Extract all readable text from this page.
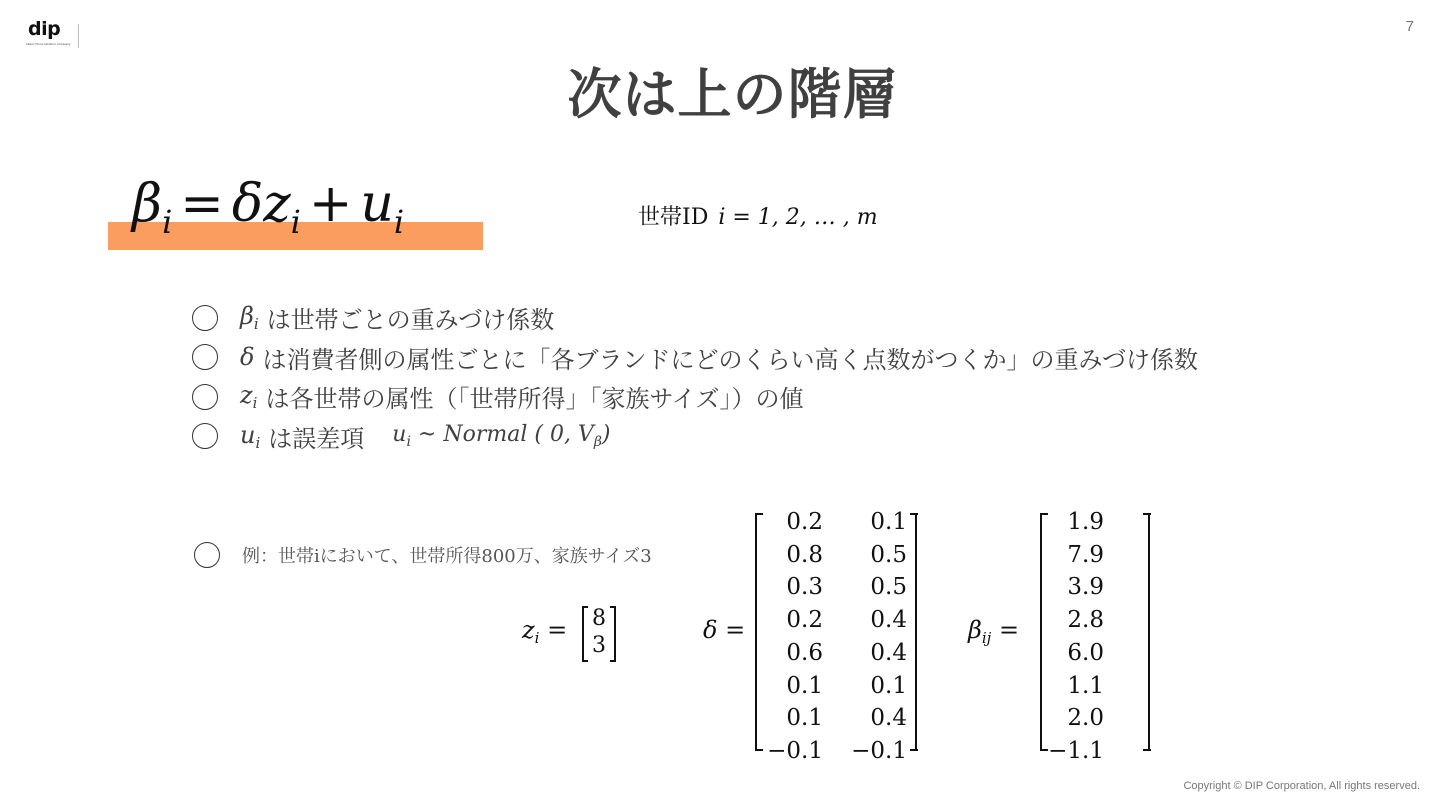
dip
Labor force solution company
7
次は上の階層
$\beta_i = \delta z_i + u_i$	世帯ID i = 1, 2, … , m
$\beta_i$ は世帯ごとの重みづけ係数
δ は消費者側の属性ごとに「各ブランドにどのくらい高く点数がつくか」の重みづけ係数
$z_i$ は各世帯の属性（「世帯所得」「家族サイズ」）の値
$u_i$ は誤差項 $u_i$ ~ Normal ( 0, $V_\beta$)
例：世帯iにおいて、世帯所得800万、家族サイズ3
$z_i$ =	8
3
δ =
0.2 0.1
0.8 0.5
0.3 0.5
0.2 0.4
0.6 0.4
0.1 0.1
0.1 0.4
−0.1 −0.1
$\beta_{ij}$ =
1.9
7.9
3.9
2.8
6.0
1.1
2.0
−1.1
Copyright © DIP Corporation, All rights reserved.
